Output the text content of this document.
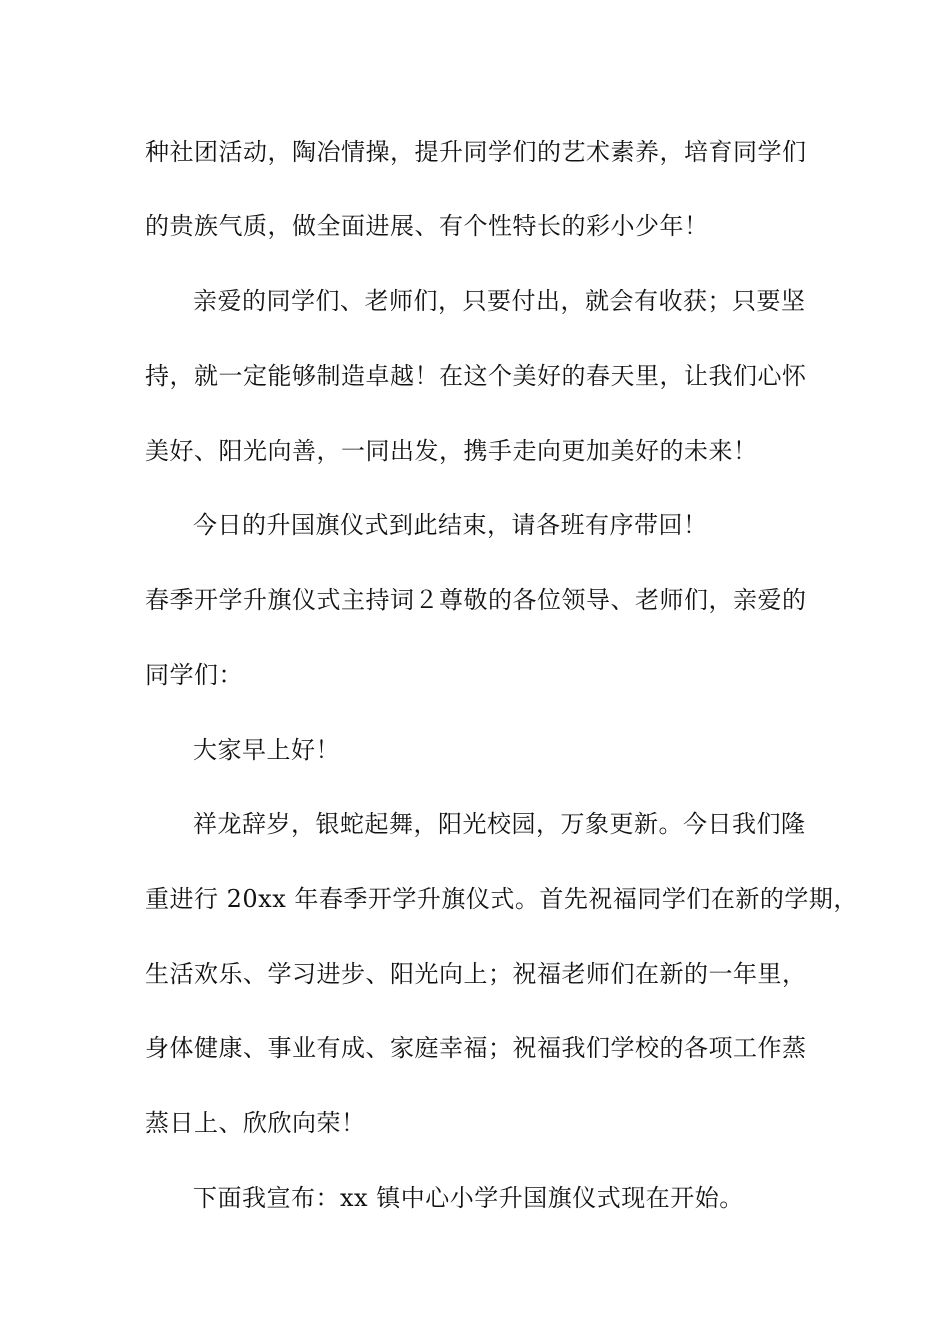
种社团活动，陶冶情操，提升同学们的艺术素养，培育同学们
的贵族气质，做全面进展、有个性特长的彩小少年！
亲爱的同学们、老师们，只要付出，就会有收获；只要坚
持，就一定能够制造卓越！在这个美好的春天里，让我们心怀
美好、阳光向善，一同出发，携手走向更加美好的未来！
今日的升国旗仪式到此结束，请各班有序带回！
春季开学升旗仪式主持词２尊敬的各位领导、老师们，亲爱的
同学们：
大家早上好！
祥龙辞岁，银蛇起舞，阳光校园，万象更新。今日我们隆
重进行 20xx 年春季开学升旗仪式。首先祝福同学们在新的学期，
生活欢乐、学习进步、阳光向上；祝福老师们在新的一年里，
身体健康、事业有成、家庭幸福；祝福我们学校的各项工作蒸
蒸日上、欣欣向荣！
下面我宣布：xx 镇中心小学升国旗仪式现在开始。
